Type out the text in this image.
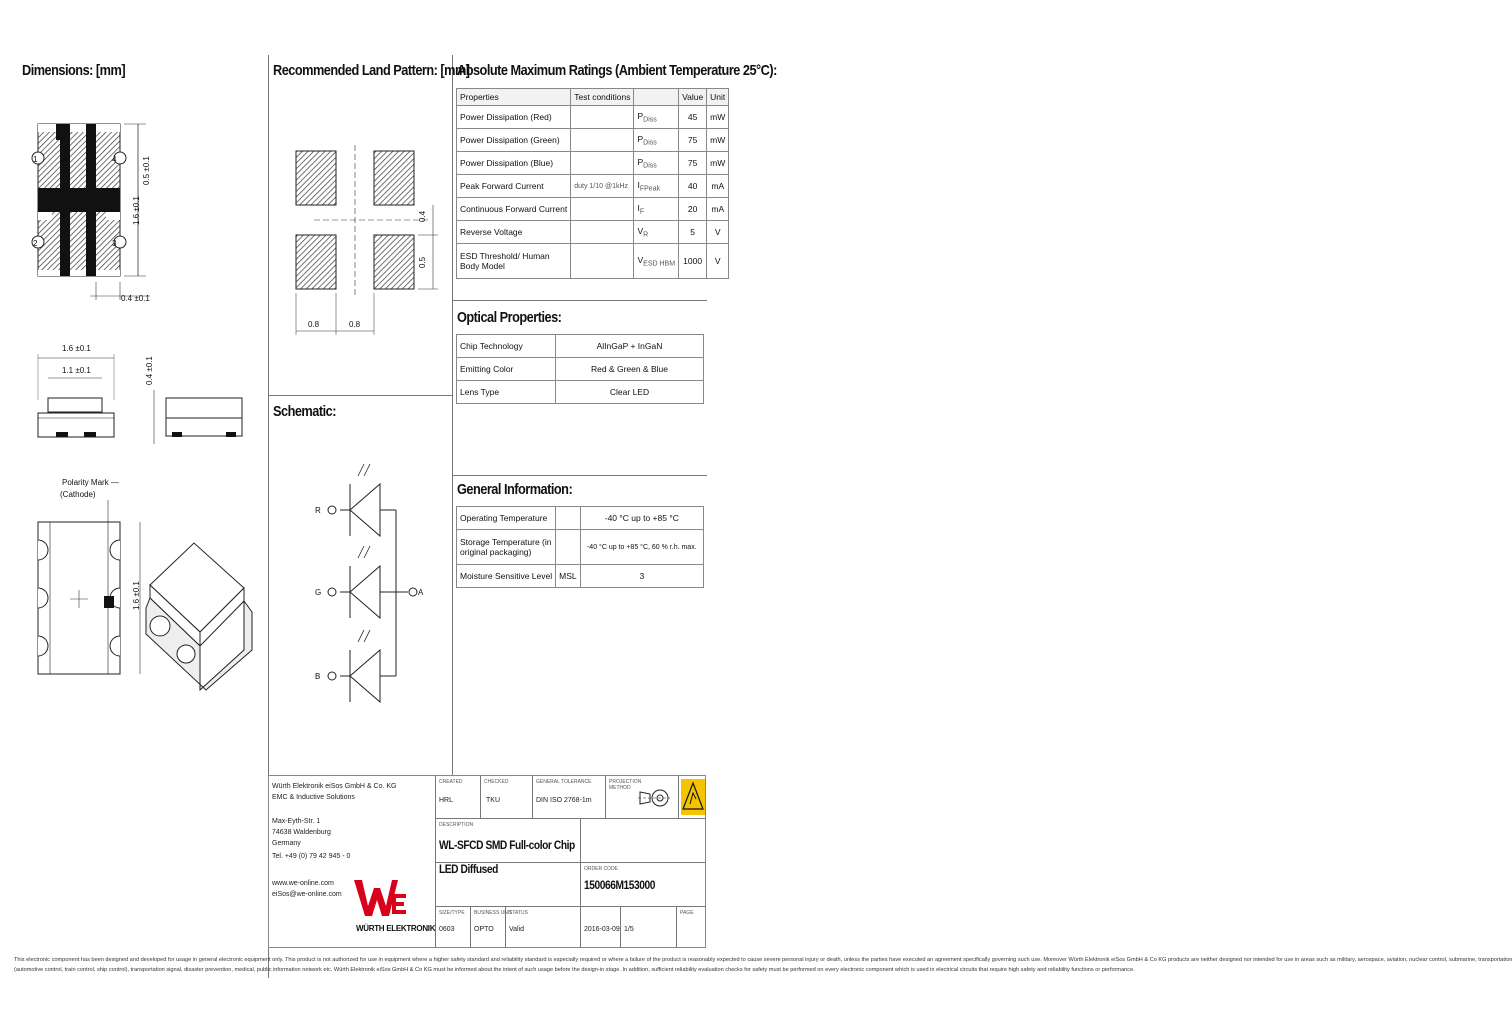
Dimensions: [mm]	Recommended Land Pattern: [mm]
Absolute Maximum Ratings (Ambient Temperature 25°C):
Optical Properties:
Schematic:
General Information:
1	4
2	3
0.5 ±0.1
1.6 ±0.1
0.4 ±0.1
1.6 ±0.1
1.1 ±0.1	0.4 ±0.1
Polarity Mark —
(Cathode)
1.6 ±0.1
0.8	0.8
0.4
0.5
R
G
B
A
Properties	Test conditions		Value	Unit
Power Dissipation (Red)		$P_{Diss}$	45	mW
Power Dissipation (Green)		$P_{Diss}$	75	mW
Power Dissipation (Blue)		$P_{Diss}$	75	mW
Peak Forward Current	duty 1/10 @1kHz	$I_{FPeak}$	40	mA
Continuous Forward Current		$I_F$	20	mA
Reverse Voltage		$V_R$	5	V
ESD Threshold/ Human Body Model		$V_{ESD HBM}$	1000	V
Chip Technology	AlInGaP + InGaN
Emitting Color	Red & Green & Blue
Lens Type	Clear LED
Operating Temperature		-40 °C up to +85 °C
Storage Temperature (in original packaging)		-40 °C up to +85 °C, 60 % r.h. max.
Moisture Sensitive Level	MSL	3
Würth Elektronik eiSos GmbH & Co. KG
EMC & Inductive Solutions
Max-Eyth-Str. 1
74638 Waldenburg
Germany
Tel. +49 (0) 79 42 945 - 0
www.we-online.com
eiSos@we-online.com
WÜRTH ELEKTRONIK
CREATED
HRL
CHECKED
TKU
GENERAL TOLERANCE
DIN ISO 2768-1m
PROJECTION METHOD
DESCRIPTION
WL-SFCD SMD Full-color Chip
LED Diffused	ORDER CODE
150066M153000
SIZE/TYPE
0603
BUSINESS UNIT
OPTO
STATUS
Valid	2016-03-09
PAGE
1/5
This electronic component has been designed and developed for usage in general electronic equipment only. This product is not authorized for use in equipment where a higher safety standard and reliability standard is especially required or where a failure of the product is reasonably expected to cause severe personal injury or death, unless the parties have executed an agreement specifically governing such use. Moreover Würth Elektronik eiSos GmbH & Co KG products are neither designed nor intended for use in areas such as military, aerospace, aviation, nuclear control, submarine, transportation
(automotive control, train control, ship control), transportation signal, disaster prevention, medical, public information network etc. Würth Elektronik eiSos GmbH & Co KG must be informed about the intent of such usage before the design-in stage. In addition, sufficient reliability evaluation checks for safety must be performed on every electronic component which is used in electrical circuits that require high safety and reliability functions or performance.
